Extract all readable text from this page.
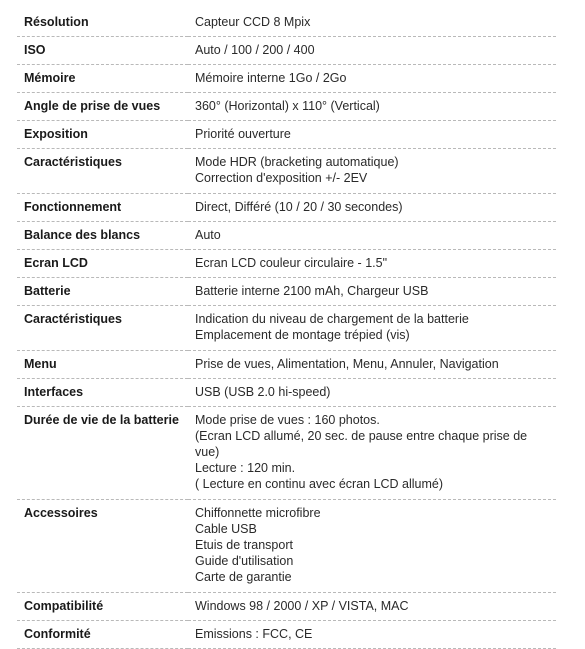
Résolution	Capteur CCD 8 Mpix

ISO	Auto / 100 / 200 / 400

Mémoire	Mémoire interne 1Go / 2Go

Angle de prise de vues	360° (Horizontal) x 110° (Vertical)

Exposition	Priorité ouverture

Caractéristiques	Mode HDR (bracketing automatique)
Correction d'exposition +/- 2EV

Fonctionnement	Direct, Différé (10 / 20 / 30 secondes)

Balance des blancs	Auto

Ecran LCD	Ecran LCD couleur circulaire - 1.5"

Batterie	Batterie interne 2100 mAh, Chargeur USB

Caractéristiques	Indication du niveau de chargement de la batterie
Emplacement de montage trépied (vis)

Menu	Prise de vues, Alimentation, Menu, Annuler, Navigation

Interfaces	USB (USB 2.0 hi-speed)

Durée de vie de la batterie	Mode prise de vues : 160 photos.
(Ecran LCD allumé, 20 sec. de pause entre chaque prise de vue)
Lecture : 120 min.
( Lecture en continu avec écran LCD allumé)

Accessoires	Chiffonnette microfibre
Cable USB
Etuis de transport
Guide d'utilisation
Carte de garantie

Compatibilité	Windows 98 / 2000 / XP / VISTA, MAC

Conformité	Emissions : FCC, CE
